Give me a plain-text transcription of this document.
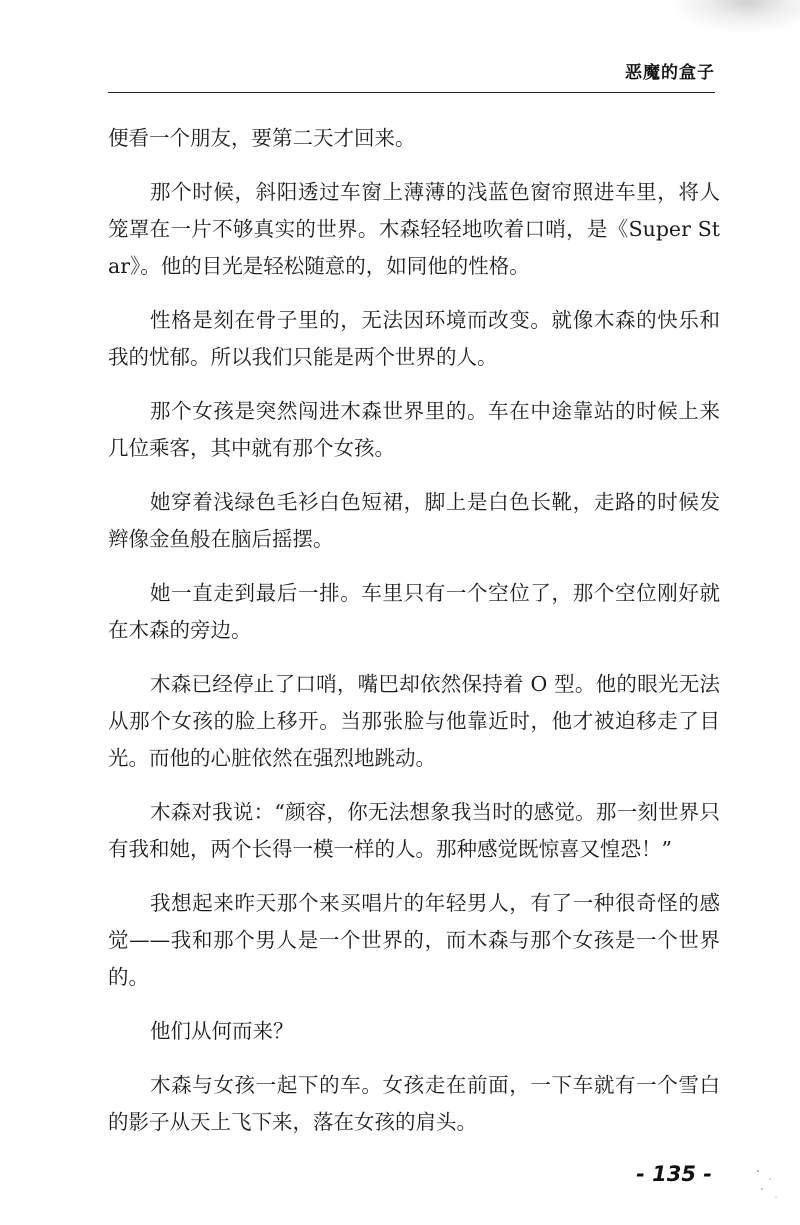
恶魔的盒子

便看一个朋友，要第二天才回来。

那个时候，斜阳透过车窗上薄薄的浅蓝色窗帘照进车里，将人笼罩在一片不够真实的世界。木森轻轻地吹着口哨，是《Super Star》。他的目光是轻松随意的，如同他的性格。

性格是刻在骨子里的，无法因环境而改变。就像木森的快乐和我的忧郁。所以我们只能是两个世界的人。

那个女孩是突然闯进木森世界里的。车在中途靠站的时候上来几位乘客，其中就有那个女孩。

她穿着浅绿色毛衫白色短裙，脚上是白色长靴，走路的时候发辫像金鱼般在脑后摇摆。

她一直走到最后一排。车里只有一个空位了，那个空位刚好就在木森的旁边。

木森已经停止了口哨，嘴巴却依然保持着 O 型。他的眼光无法从那个女孩的脸上移开。当那张脸与他靠近时，他才被迫移走了目光。而他的心脏依然在强烈地跳动。

木森对我说：“颜容，你无法想象我当时的感觉。那一刻世界只有我和她，两个长得一模一样的人。那种感觉既惊喜又惶恐！”

我想起来昨天那个来买唱片的年轻男人，有了一种很奇怪的感觉——我和那个男人是一个世界的，而木森与那个女孩是一个世界的。

他们从何而来？

木森与女孩一起下的车。女孩走在前面，一下车就有一个雪白的影子从天上飞下来，落在女孩的肩头。

- 135 -
